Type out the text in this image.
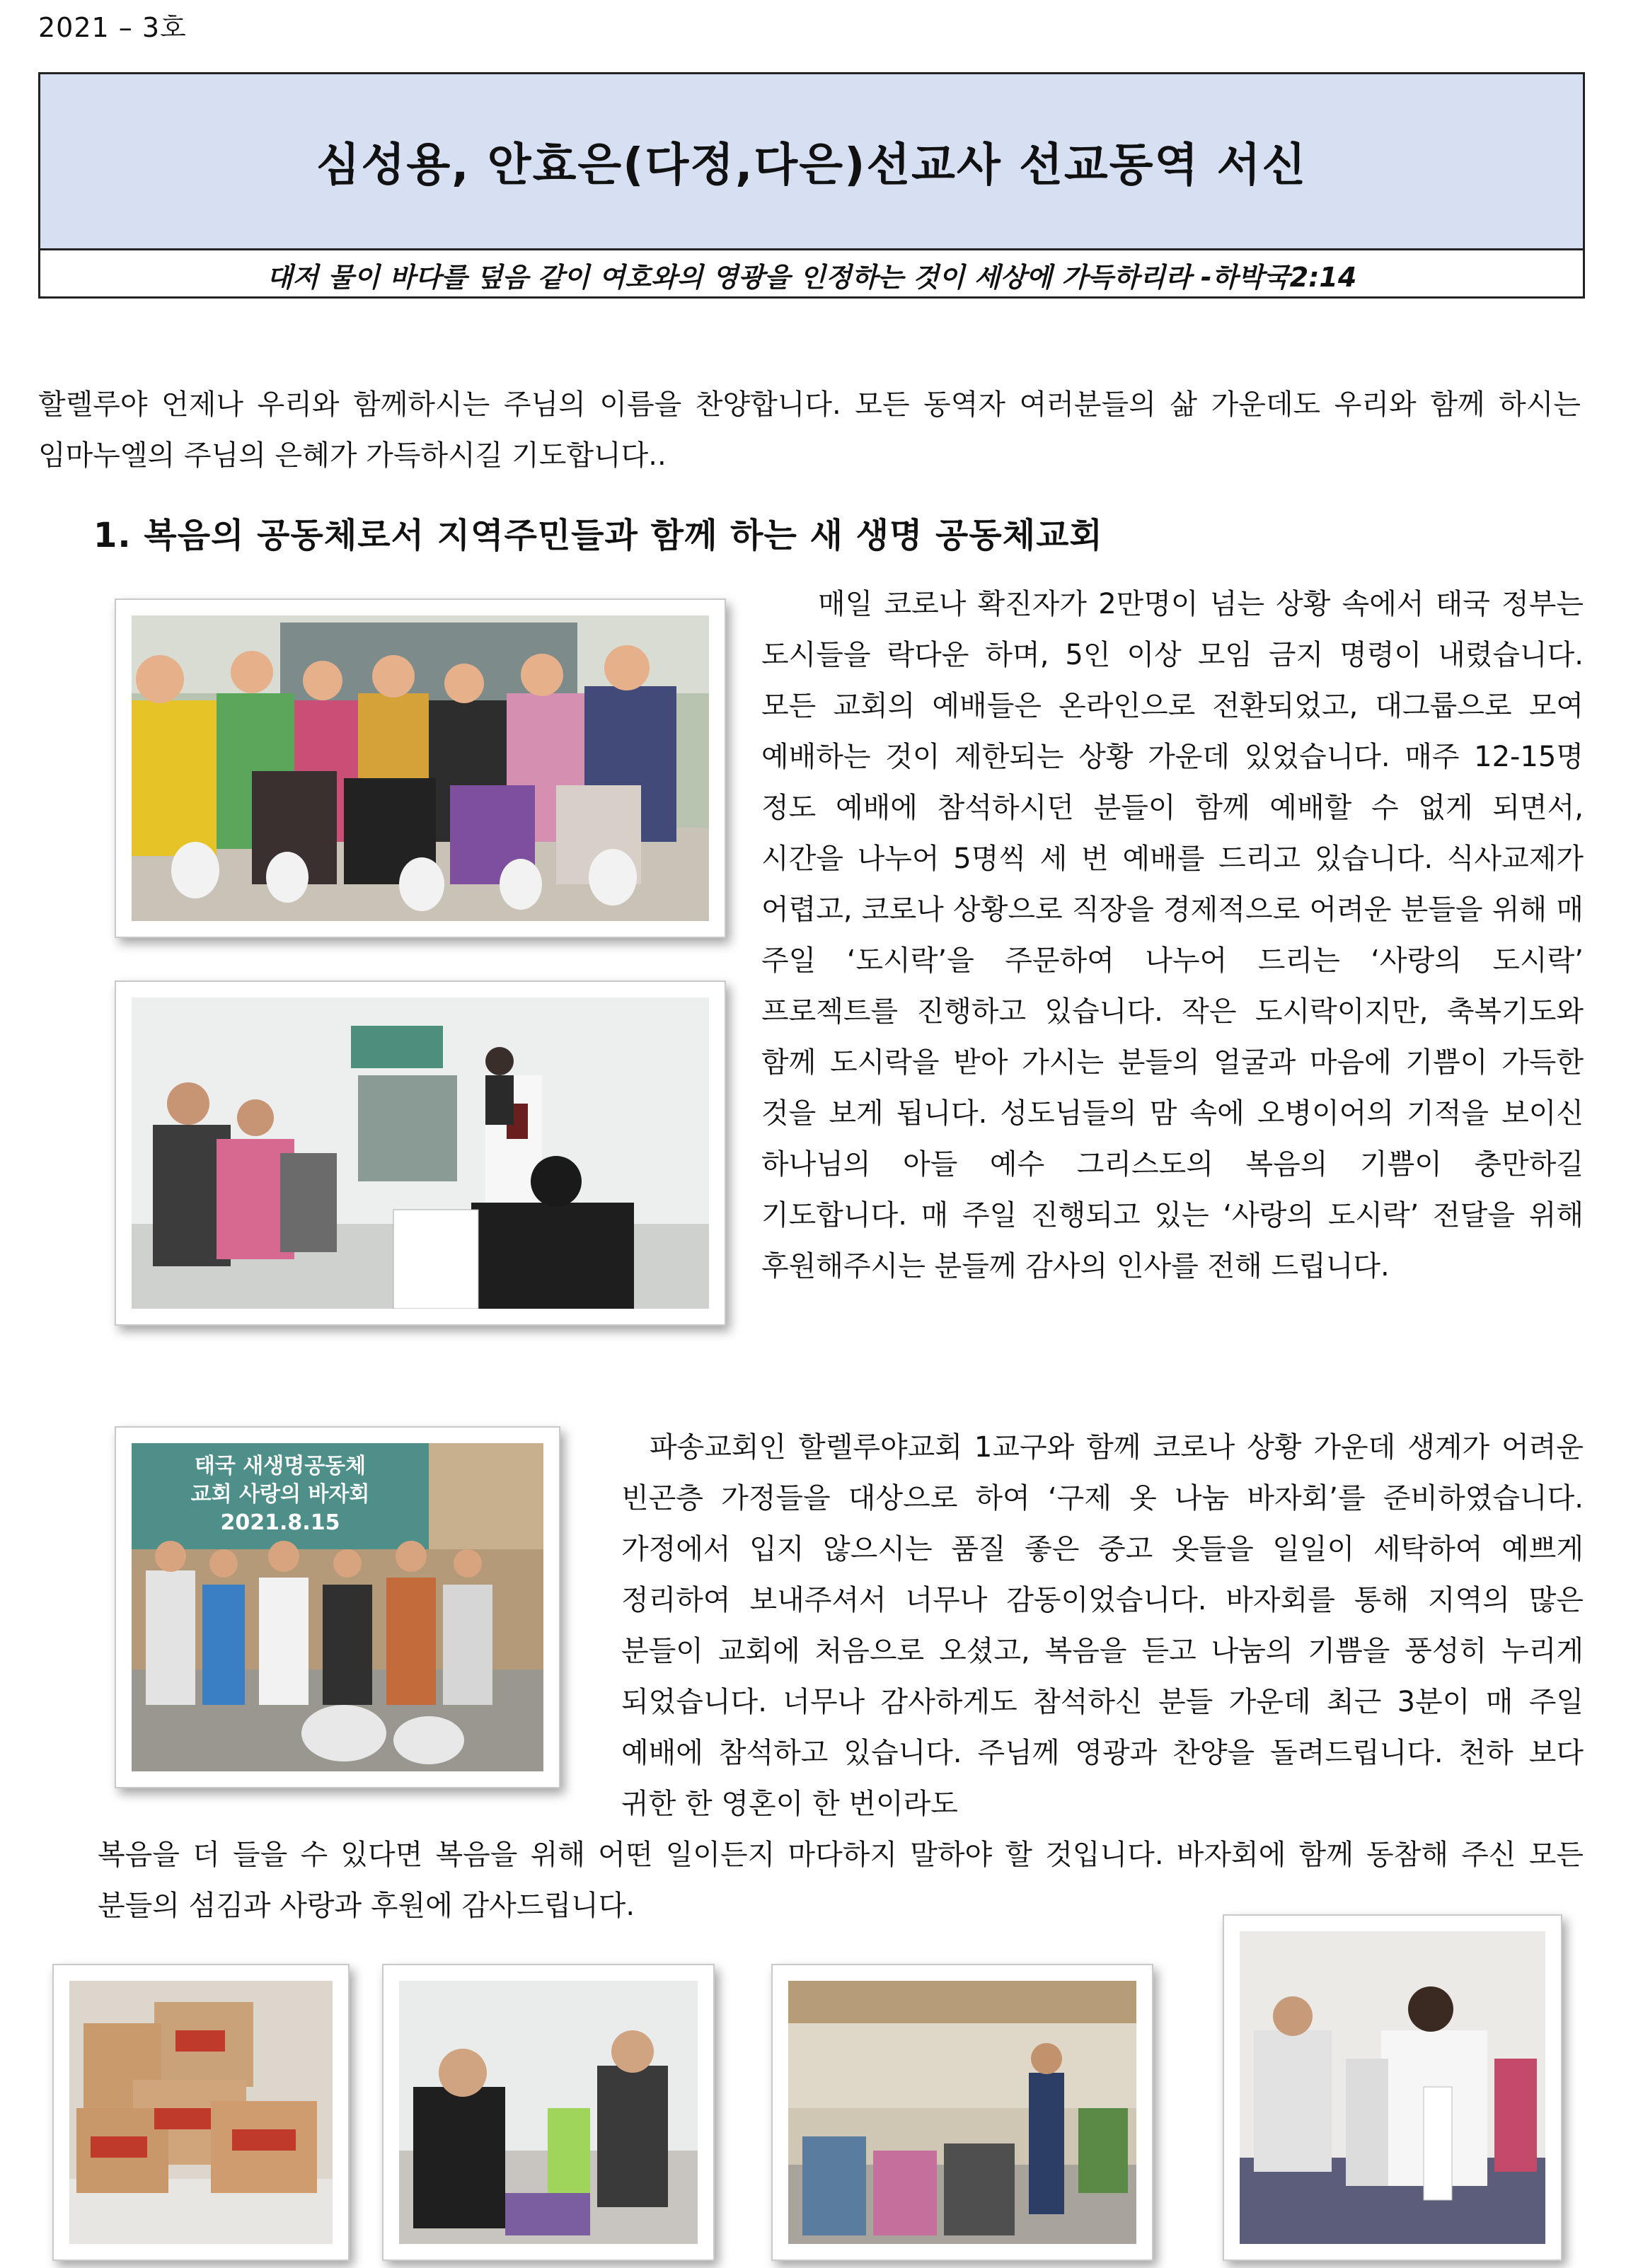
2021 – 3호
심성용, 안효은(다정,다은)선교사 선교동역 서신
대저 물이 바다를 덮음 같이 여호와의 영광을 인정하는 것이 세상에 가득하리라 -하박국2:14
할렐루야 언제나 우리와 함께하시는 주님의 이름을 찬양합니다. 모든 동역자 여러분들의 삶 가운데도 우리와 함께 하시는 임마누엘의 주님의 은혜가 가득하시길 기도합니다..
1. 복음의 공동체로서 지역주민들과 함께 하는 새 생명 공동체교회
매일 코로나 확진자가 2만명이 넘는 상황 속에서 태국 정부는 도시들을 락다운 하며, 5인 이상 모임 금지 명령이 내렸습니다. 모든 교회의 예배들은 온라인으로 전환되었고, 대그룹으로 모여 예배하는 것이 제한되는 상황 가운데 있었습니다. 매주 12-15명 정도 예배에 참석하시던 분들이 함께 예배할 수 없게 되면서, 시간을 나누어 5명씩 세 번 예배를 드리고 있습니다. 식사교제가 어렵고, 코로나 상황으로 직장을 경제적으로 어려운 분들을 위해 매 주일 ‘도시락’을 주문하여 나누어 드리는 ‘사랑의 도시락’ 프로젝트를 진행하고 있습니다. 작은 도시락이지만, 축복기도와 함께 도시락을 받아 가시는 분들의 얼굴과 마음에 기쁨이 가득한 것을 보게 됩니다. 성도님들의 맘 속에 오병이어의 기적을 보이신 하나님의 아들 예수 그리스도의 복음의 기쁨이 충만하길 기도합니다. 매 주일 진행되고 있는 ‘사랑의 도시락’ 전달을 위해 후원해주시는 분들께 감사의 인사를 전해 드립니다.
태국 새생명공동체
교회 사랑의 바자회
2021.8.15
파송교회인 할렐루야교회 1교구와 함께 코로나 상황 가운데 생계가 어려운 빈곤층 가정들을 대상으로 하여 ‘구제 옷 나눔 바자회’를 준비하였습니다. 가정에서 입지 않으시는 품질 좋은 중고 옷들을 일일이 세탁하여 예쁘게 정리하여 보내주셔서 너무나 감동이었습니다. 바자회를 통해 지역의 많은 분들이 교회에 처음으로 오셨고, 복음을 듣고 나눔의 기쁨을 풍성히 누리게 되었습니다. 너무나 감사하게도 참석하신 분들 가운데 최근 3분이 매 주일 예배에 참석하고 있습니다. 주님께 영광과 찬양을 돌려드립니다. 천하 보다 귀한 한 영혼이 한 번이라도
복음을 더 들을 수 있다면 복음을 위해 어떤 일이든지 마다하지 말하야 할 것입니다. 바자회에 함께 동참해 주신 모든 분들의 섬김과 사랑과 후원에 감사드립니다.
